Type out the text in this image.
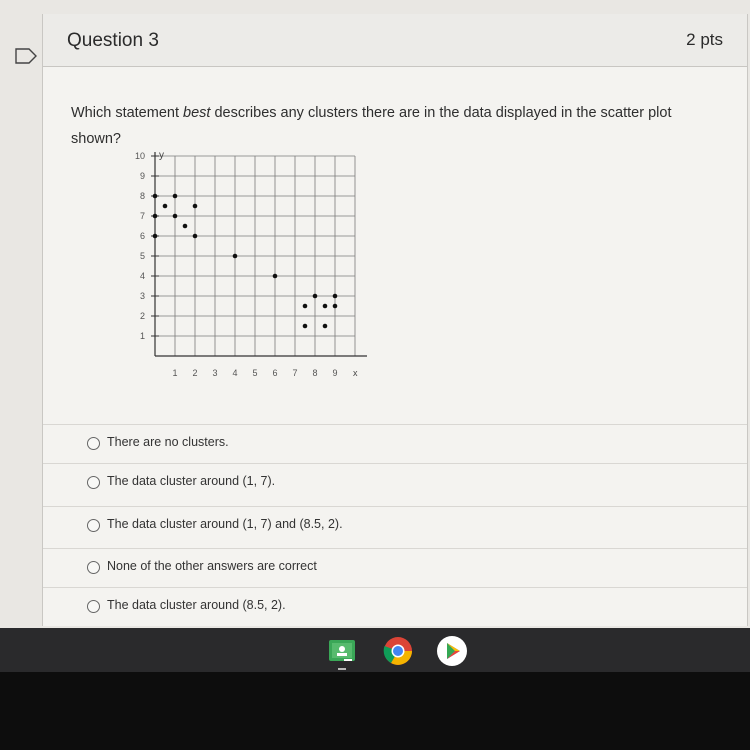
Question 3	2 pts
Which statement best describes any clusters there are in the data displayed in the scatter plot shown?
x
y
1 2 3 4 5 6 7 8 9
1
2
3
4
5
6
7
8
9
10
There are no clusters.
The data cluster around (1, 7).
The data cluster around (1, 7) and (8.5, 2).
None of the other answers are correct
The data cluster around (8.5, 2).
